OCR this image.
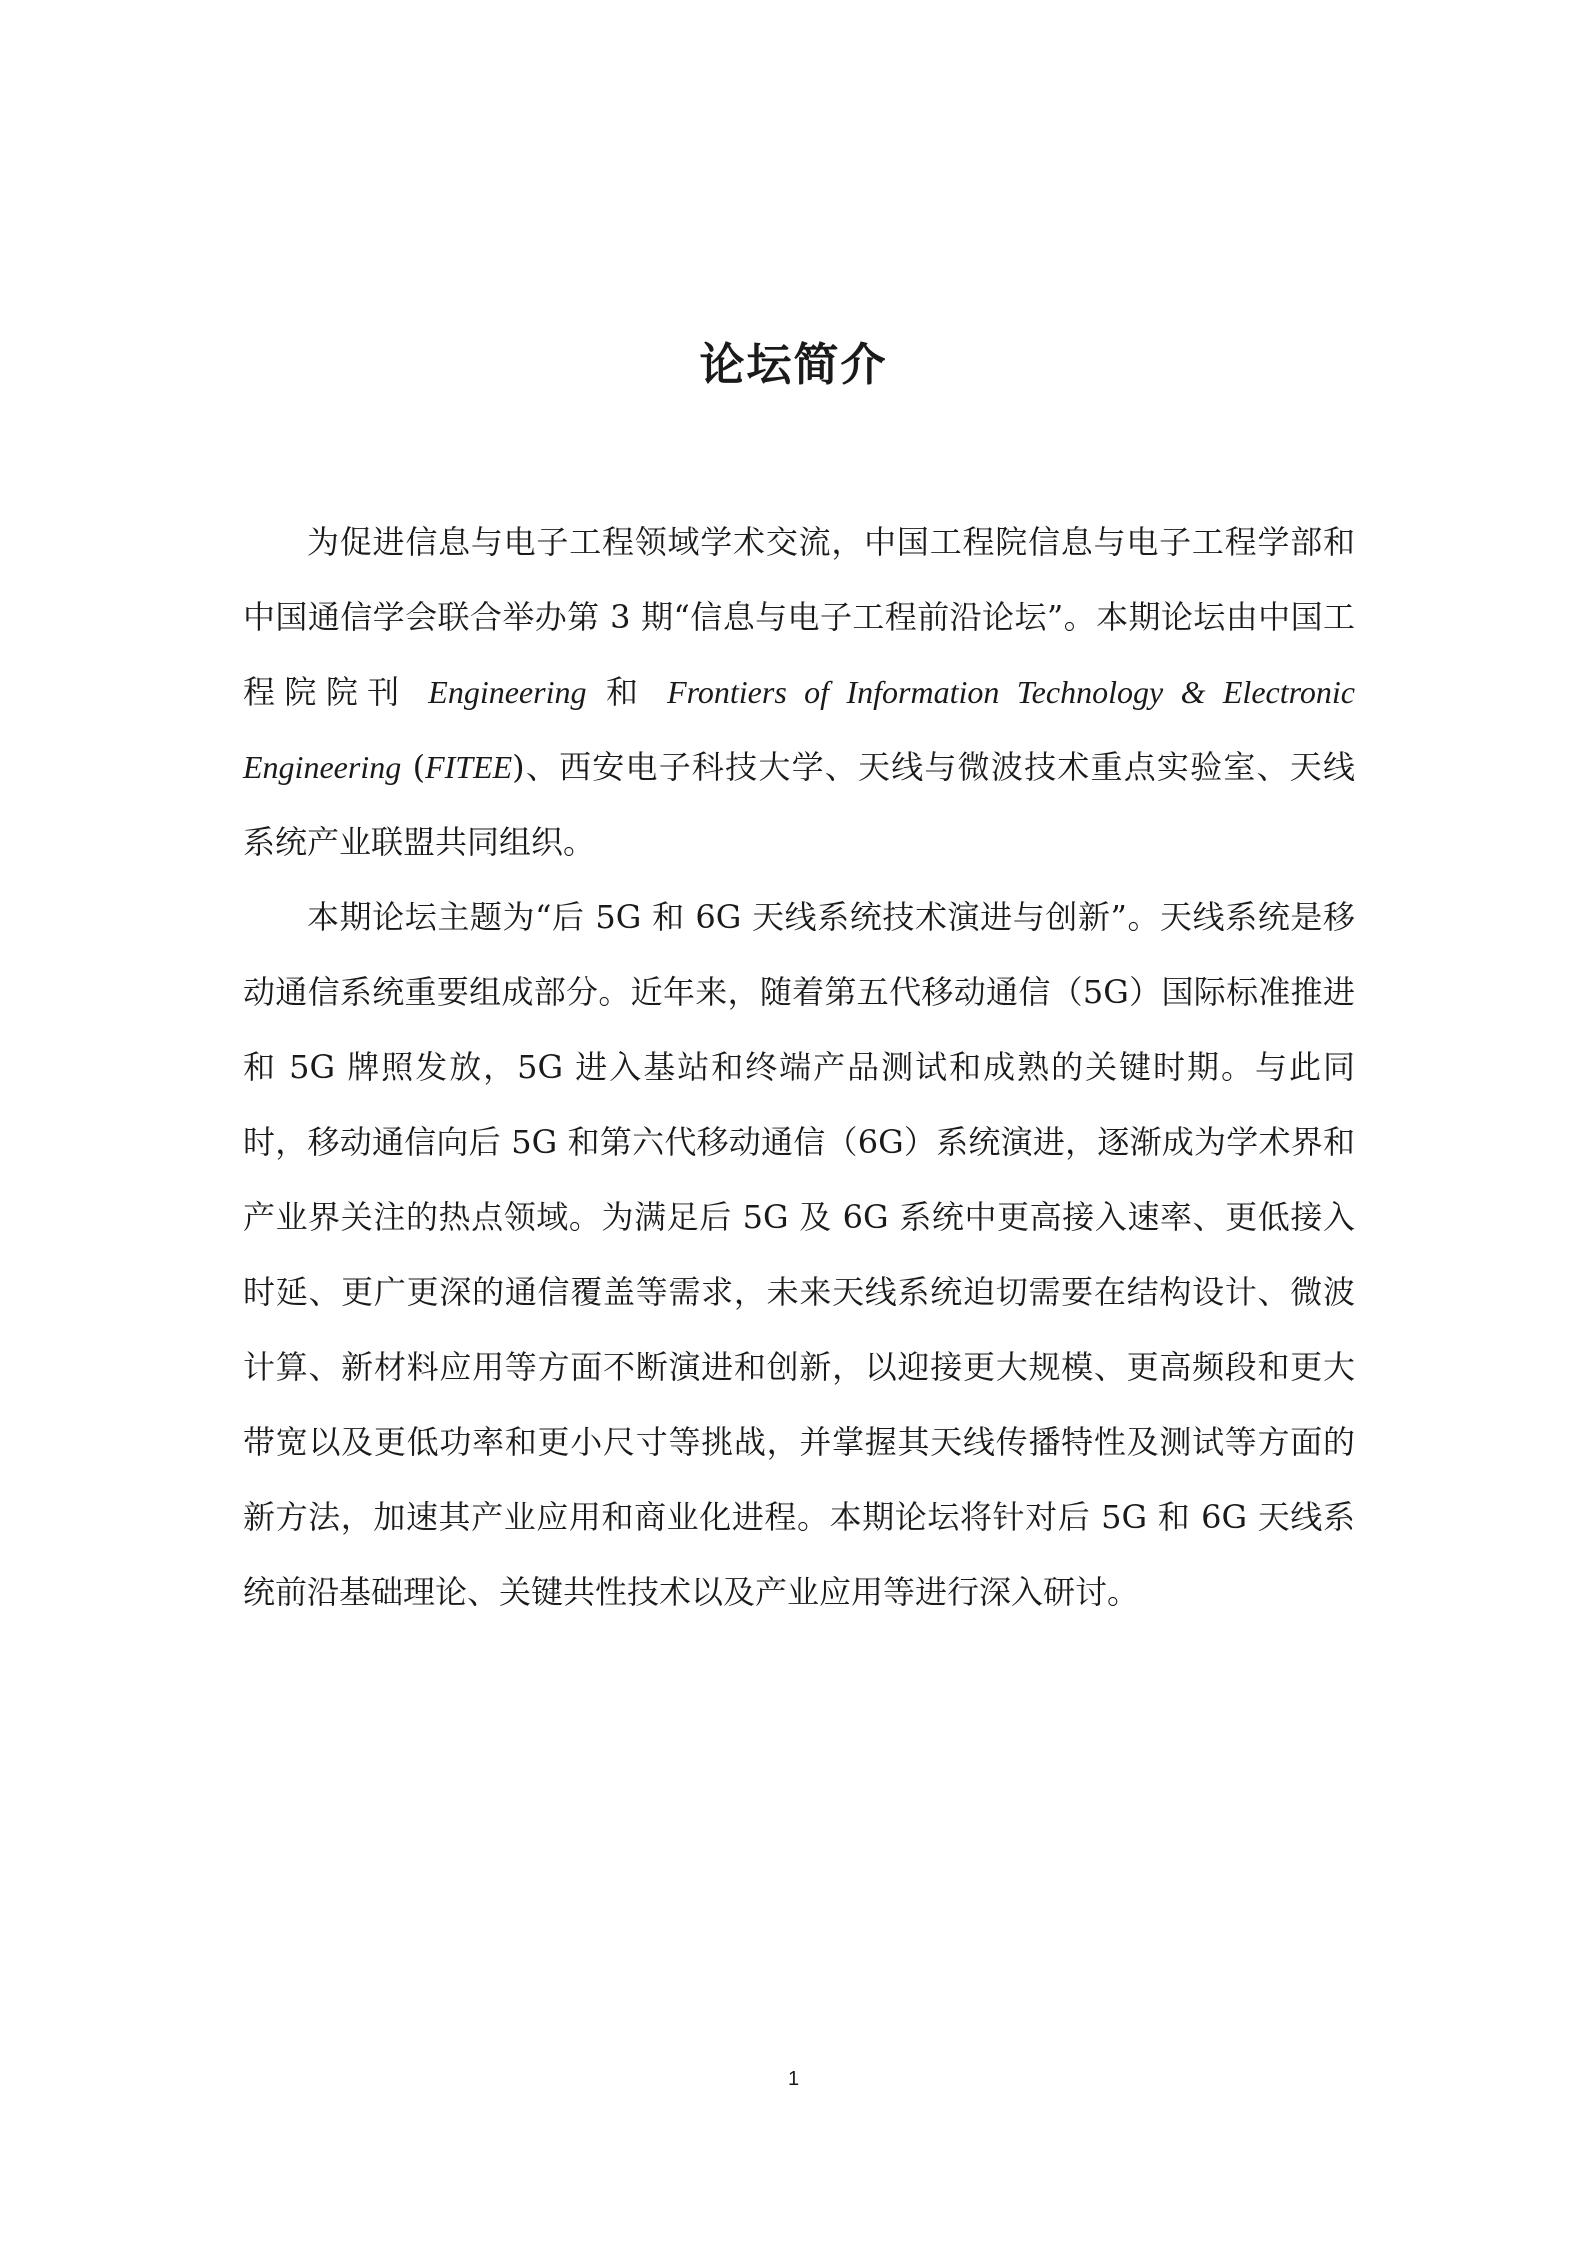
论坛简介

为促进信息与电子工程领域学术交流，中国工程院信息与电子工程学部和中国通信学会联合举办第 3 期“信息与电子工程前沿论坛”。本期论坛由中国工程院院刊 Engineering 和 Frontiers of Information Technology & Electronic Engineering (FITEE)、西安电子科技大学、天线与微波技术重点实验室、天线系统产业联盟共同组织。

本期论坛主题为“后 5G 和 6G 天线系统技术演进与创新”。天线系统是移动通信系统重要组成部分。近年来，随着第五代移动通信（5G）国际标准推进和 5G 牌照发放，5G 进入基站和终端产品测试和成熟的关键时期。与此同时，移动通信向后 5G 和第六代移动通信（6G）系统演进，逐渐成为学术界和产业界关注的热点领域。为满足后 5G 及 6G 系统中更高接入速率、更低接入时延、更广更深的通信覆盖等需求，未来天线系统迫切需要在结构设计、微波计算、新材料应用等方面不断演进和创新，以迎接更大规模、更高频段和更大带宽以及更低功率和更小尺寸等挑战，并掌握其天线传播特性及测试等方面的新方法，加速其产业应用和商业化进程。本期论坛将针对后 5G 和 6G 天线系统前沿基础理论、关键共性技术以及产业应用等进行深入研讨。

1
